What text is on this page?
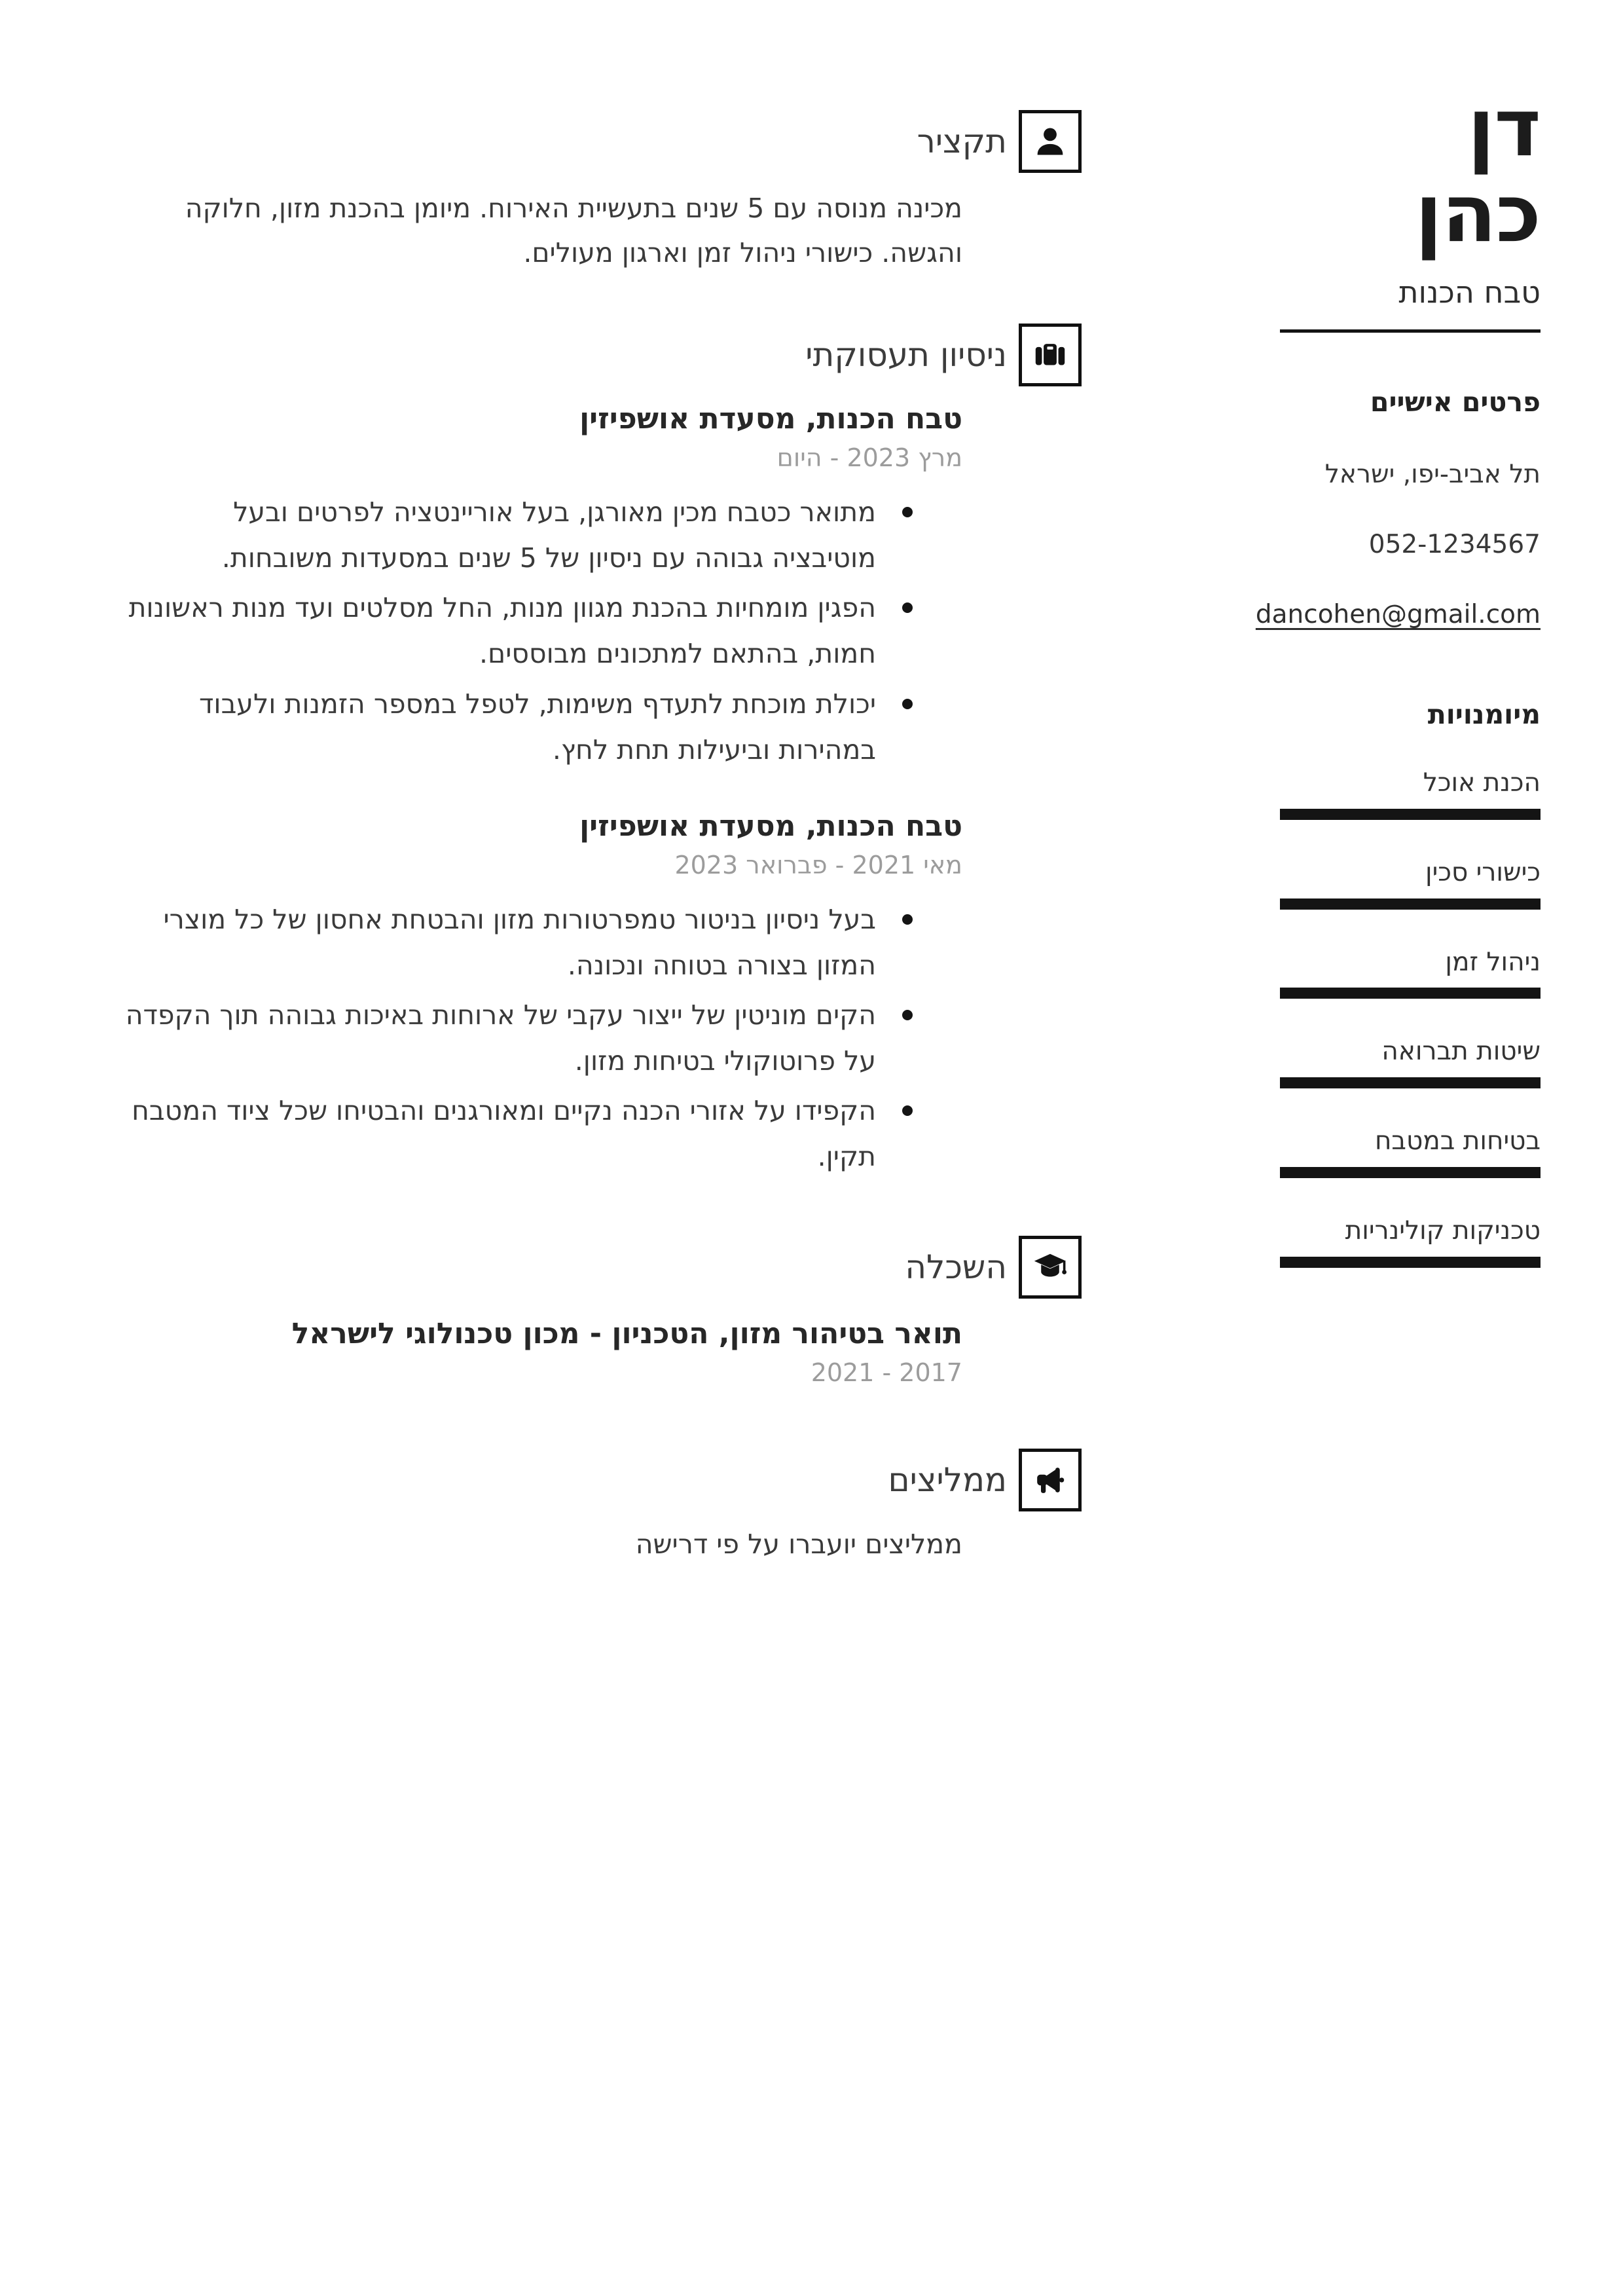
דן
כהן
טבח הכנות
פרטים אישיים
תל אביב-יפו, ישראל
052-1234567
dancohen@gmail.com
מיומנויות
הכנת אוכל
כישורי סכין
ניהול זמן
שיטות תברואה
בטיחות במטבח
טכניקות קולינריות
תקציר

מכינה מנוסה עם 5 שנים בתעשיית האירוח. מיומן בהכנת מזון, חלוקה והגשה. כישורי ניהול זמן וארגון מעולים.

ניסיון תעסוקתי
טבח הכנות, מסעדת אושפיזין
מרץ 2023 - היום
מתואר כטבח מכין מאורגן, בעל אוריינטציה לפרטים ובעל מוטיבציה גבוהה עם ניסיון של 5 שנים במסעדות משובחות.
הפגין מומחיות בהכנת מגוון מנות, החל מסלטים ועד מנות ראשונות חמות, בהתאם למתכונים מבוססים.
יכולת מוכחת לתעדף משימות, לטפל במספר הזמנות ולעבוד במהירות וביעילות תחת לחץ.
טבח הכנות, מסעדת אושפיזין
מאי 2021 - פברואר 2023
בעל ניסיון בניטור טמפרטורות מזון והבטחת אחסון של כל מוצרי המזון בצורה בטוחה ונכונה.
הקים מוניטין של ייצור עקבי של ארוחות באיכות גבוהה תוך הקפדה על פרוטוקולי בטיחות מזון.
הקפידו על אזורי הכנה נקיים ומאורגנים והבטיחו שכל ציוד המטבח תקין.
השכלה
תואר בטיהור מזון, הטכניון - מכון טכנולוגי לישראל
2017 - 2021
ממליצים

ממליצים יועברו על פי דרישה
